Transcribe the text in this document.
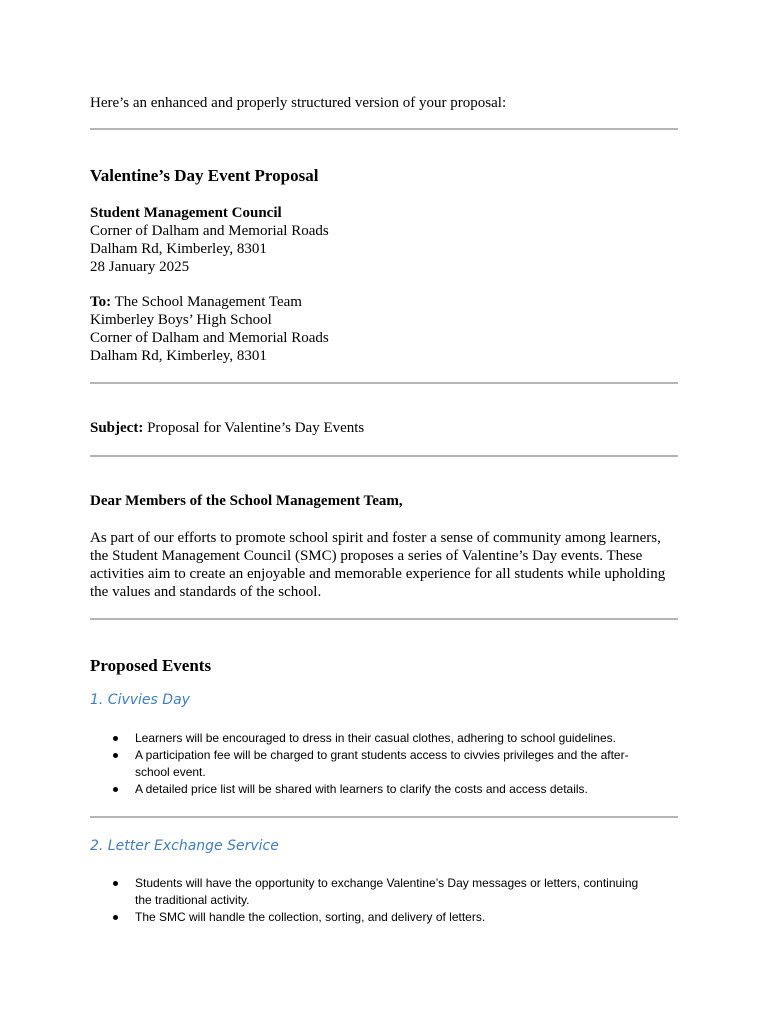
Here’s an enhanced and properly structured version of your proposal:
Valentine’s Day Event Proposal
Student Management Council
Corner of Dalham and Memorial Roads
Dalham Rd, Kimberley, 8301
28 January 2025
To: The School Management Team
Kimberley Boys’ High School
Corner of Dalham and Memorial Roads
Dalham Rd, Kimberley, 8301
Subject: Proposal for Valentine’s Day Events
Dear Members of the School Management Team,
As part of our efforts to promote school spirit and foster a sense of community among learners,
the Student Management Council (SMC) proposes a series of Valentine’s Day events. These
activities aim to create an enjoyable and memorable experience for all students while upholding
the values and standards of the school.
Proposed Events
1. Civvies Day
Learners will be encouraged to dress in their casual clothes, adhering to school guidelines.
A participation fee will be charged to grant students access to civvies privileges and the after-
school event.
A detailed price list will be shared with learners to clarify the costs and access details.
2. Letter Exchange Service
Students will have the opportunity to exchange Valentine’s Day messages or letters, continuing
the traditional activity.
The SMC will handle the collection, sorting, and delivery of letters.
